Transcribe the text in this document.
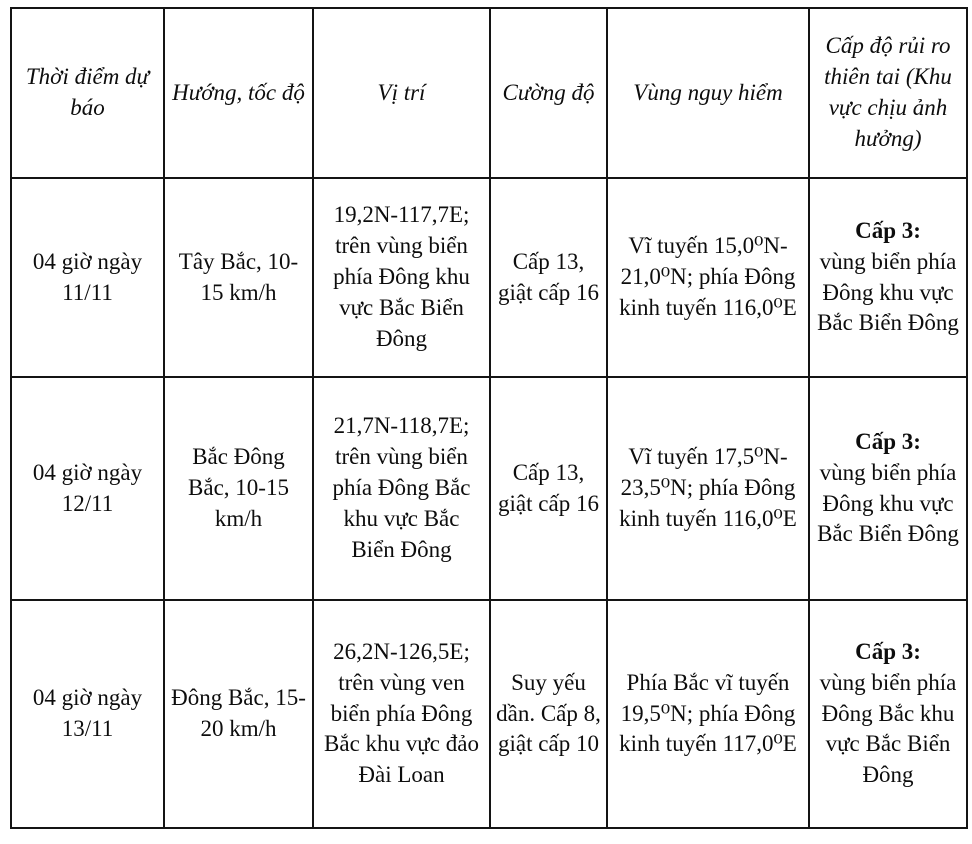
Thời điểm dự báo	Hướng, tốc độ	Vị trí	Cường độ	Vùng nguy hiểm	Cấp độ rủi ro thiên tai (Khu vực chịu ảnh hưởng)
04 giờ ngày 11/11	Tây Bắc, 10-15 km/h	19,2N-117,7E; trên vùng biển phía Đông khu vực Bắc Biển Đông	Cấp 13, giật cấp 16	Vĩ tuyến 15,0⁰N-21,0⁰N; phía Đông kinh tuyến 116,0⁰E	Cấp 3:
vùng biển phía Đông khu vực Bắc Biển Đông
04 giờ ngày 12/11	Bắc Đông Bắc, 10-15 km/h	21,7N-118,7E; trên vùng biển phía Đông Bắc khu vực Bắc Biển Đông	Cấp 13, giật cấp 16	Vĩ tuyến 17,5⁰N-23,5⁰N; phía Đông kinh tuyến 116,0⁰E	Cấp 3:
vùng biển phía Đông khu vực Bắc Biển Đông
04 giờ ngày 13/11	Đông Bắc, 15-20 km/h	26,2N-126,5E; trên vùng ven biển phía Đông Bắc khu vực đảo Đài Loan	Suy yếu dần. Cấp 8, giật cấp 10	Phía Bắc vĩ tuyến 19,5⁰N; phía Đông kinh tuyến 117,0⁰E	Cấp 3:
vùng biển phía Đông Bắc khu vực Bắc Biển Đông
